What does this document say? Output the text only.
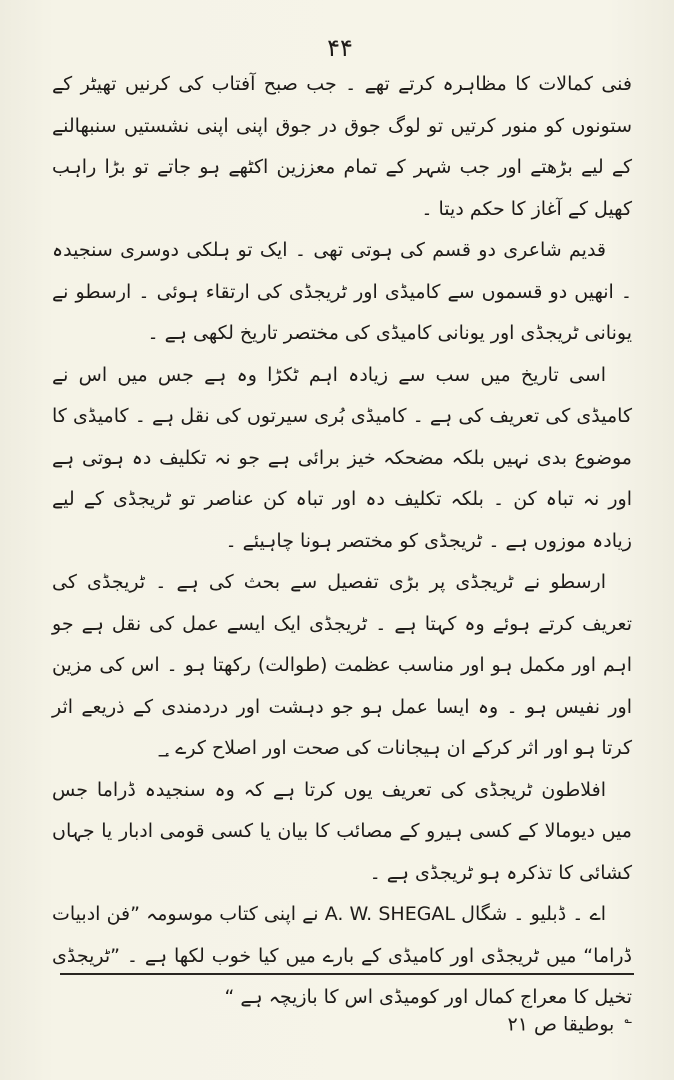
۴۴

فنی کمالات کا مظاہرہ کرتے تھے ۔ جب صبح آفتاب کی کرنیں تھیٹر کے ستونوں کو منور کرتیں تو لوگ جوق در جوق اپنی اپنی نشستیں سنبھالنے کے لیے بڑھتے اور جب شہر کے تمام معززین اکٹھے ہو جاتے تو بڑا راہب کھیل کے آغاز کا حکم دیتا ۔

قدیم شاعری دو قسم کی ہوتی تھی ۔ ایک تو ہلکی دوسری سنجیدہ ۔ انھیں دو قسموں سے کامیڈی اور ٹریجڈی کی ارتقاء ہوئی ۔ ارسطو نے یونانی ٹریجڈی اور یونانی کامیڈی کی مختصر تاریخ لکھی ہے ۔

اسی تاریخ میں سب سے زیادہ اہم ٹکڑا وہ ہے جس میں اس نے کامیڈی کی تعریف کی ہے ۔ کامیڈی بُری سیرتوں کی نقل ہے ۔ کامیڈی کا موضوع بدی نہیں بلکہ مضحکہ خیز برائی ہے جو نہ تکلیف دہ ہوتی ہے اور نہ تباہ کن ۔ بلکہ تکلیف دہ اور تباہ کن عناصر تو ٹریجڈی کے لیے زیادہ موزوں ہے ۔ ٹریجڈی کو مختصر ہونا چاہیئے ۔

ارسطو نے ٹریجڈی پر بڑی تفصیل سے بحث کی ہے ۔ ٹریجڈی کی تعریف کرتے ہوئے وہ کہتا ہے ۔ ٹریجڈی ایک ایسے عمل کی نقل ہے جو اہم اور مکمل ہو اور مناسب عظمت (طوالت) رکھتا ہو ۔ اس کی مزین اور نفیس ہو ۔ وہ ایسا عمل ہو جو دہشت اور دردمندی کے ذریعے اثر کرتا ہو اور اثر کرکے ان ہیجانات کی صحت اور اصلاح کرے ؀

افلاطون ٹریجڈی کی تعریف یوں کرتا ہے کہ وہ سنجیدہ ڈراما جس میں دیومالا کے کسی ہیرو کے مصائب کا بیان یا کسی قومی ادبار یا جہاں کشائی کا تذکرہ ہو ٹریجڈی ہے ۔

اے ۔ ڈبلیو ۔ شگال A. W. SHEGAL نے اپنی کتاب موسومہ ”فن ادبیات ڈراما“ میں ٹریجڈی اور کامیڈی کے بارے میں کیا خوب لکھا ہے ۔ ”ٹریجڈی تخیل کا معراج کمال اور کومیڈی اس کا بازیچہ ہے “

؎ بوطیقا ص ۲۱
